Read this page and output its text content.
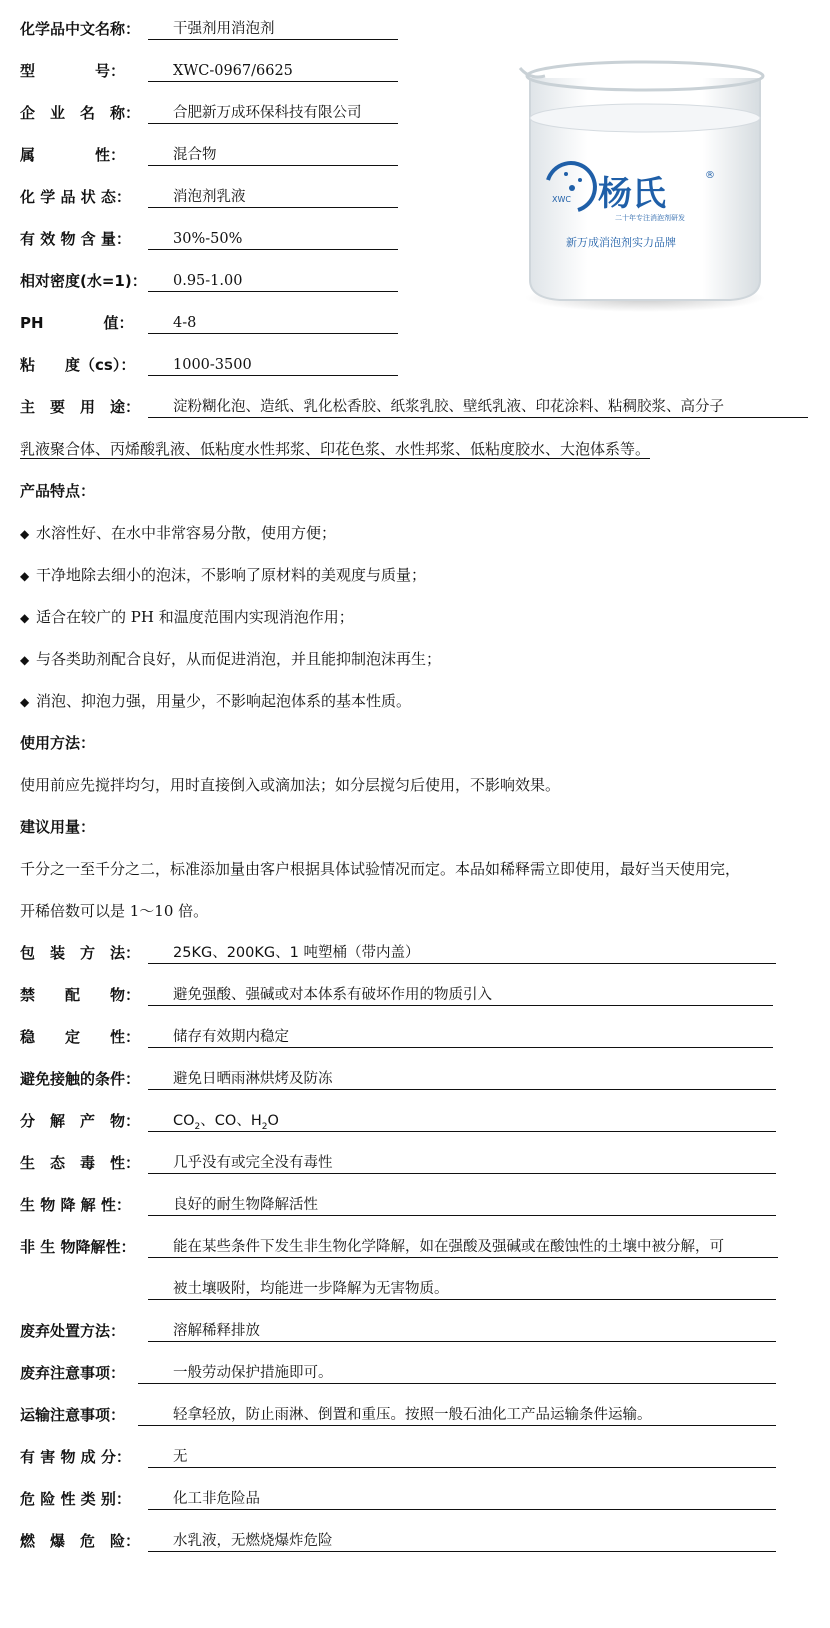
化学品中文名称：	干强剂用消泡剂
型　　　　号：	XWC-0967/6625
企　业　名　称：	合肥新万成环保科技有限公司
属　　　　性：	混合物
化 学 品 状 态：	消泡剂乳液
有 效 物 含 量：	30%-50%
相对密度(水=1)：	0.95-1.00
PH　　　　值：	4-8
粘　　度（cs）：	1000-3500
XWC 杨氏	®
二十年专注消泡剂研发
新万成消泡剂实力品牌
主　要　用　途：	淀粉糊化泡、造纸、乳化松香胶、纸浆乳胶、壁纸乳液、印花涂料、粘稠胶浆、高分子
乳液聚合体、丙烯酸乳液、低粘度水性邦浆、印花色浆、水性邦浆、低粘度胶水、大泡体系等。
产品特点：
◆ 水溶性好、在水中非常容易分散，使用方便；
◆ 干净地除去细小的泡沫，不影响了原材料的美观度与质量；
◆ 适合在较广的 PH 和温度范围内实现消泡作用；
◆ 与各类助剂配合良好，从而促进消泡，并且能抑制泡沫再生；
◆ 消泡、抑泡力强，用量少，不影响起泡体系的基本性质。
使用方法：
使用前应先搅拌均匀，用时直接倒入或滴加法；如分层搅匀后使用，不影响效果。
建议用量：
千分之一至千分之二，标准添加量由客户根据具体试验情况而定。本品如稀释需立即使用，最好当天使用完，
开稀倍数可以是 1～10 倍。
包　装　方　法：	25KG、200KG、1 吨塑桶（带内盖）
禁　　配　　物：	避免强酸、强碱或对本体系有破坏作用的物质引入
稳　　定　　性：	储存有效期内稳定
避免接触的条件：	避免日晒雨淋烘烤及防冻
分　解　产　物：	$CO_2$、CO、$H_2O$
生　态　毒　性：	几乎没有或完全没有毒性
生 物 降 解 性：	良好的耐生物降解活性
非 生 物降解性：	能在某些条件下发生非生物化学降解，如在强酸及强碱或在酸蚀性的土壤中被分解，可
被土壤吸附，均能进一步降解为无害物质。
废弃处置方法：	溶解稀释排放
废弃注意事项：	一般劳动保护措施即可。
运输注意事项：	轻拿轻放，防止雨淋、倒置和重压。按照一般石油化工产品运输条件运输。
有 害 物 成 分：	无
危 险 性 类 别：	化工非危险品
燃　爆　危　险：	水乳液，无燃烧爆炸危险
